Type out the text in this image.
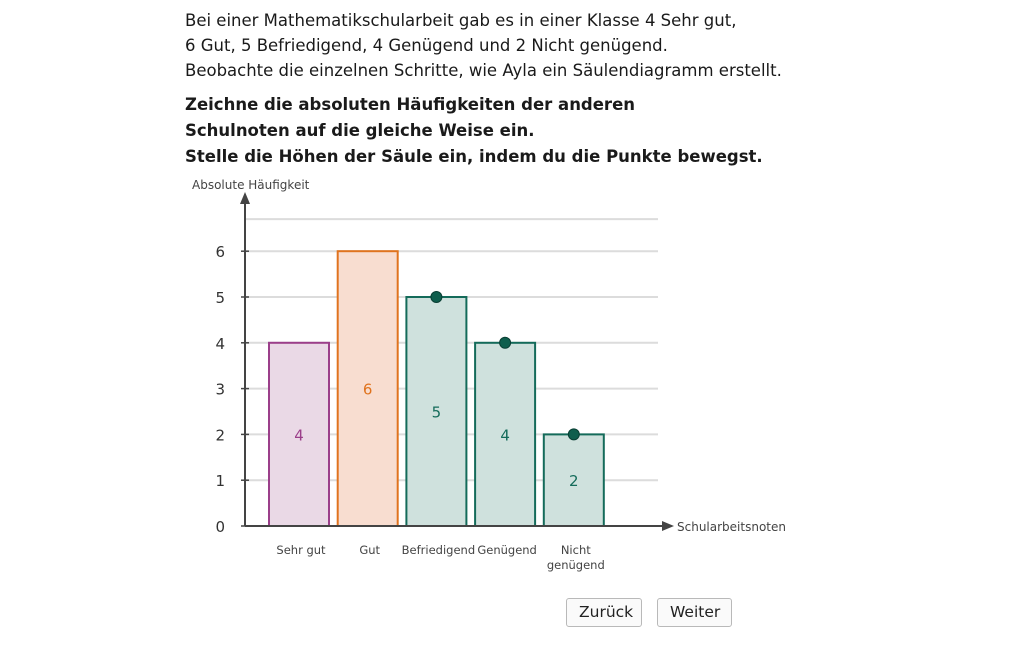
Bei einer Mathematikschularbeit gab es in einer Klasse 4 Sehr gut,

6 Gut, 5 Befriedigend, 4 Genügend und 2 Nicht genügend.

Beobachte die einzelnen Schritte, wie Ayla ein Säulendiagramm erstellt.

Zeichne die absoluten Häufigkeiten der anderen

Schulnoten auf die gleiche Weise ein.

Stelle die Höhen der Säule ein, indem du die Punkte bewegst.

0
1
2
3
4
5
6
4
Sehr gut
6
Gut
5
Befriedigend
4
Genügend
2
Nicht
genügend
Absolute Häufigkeit
Schularbeitsnoten
Zurück	Weiter
